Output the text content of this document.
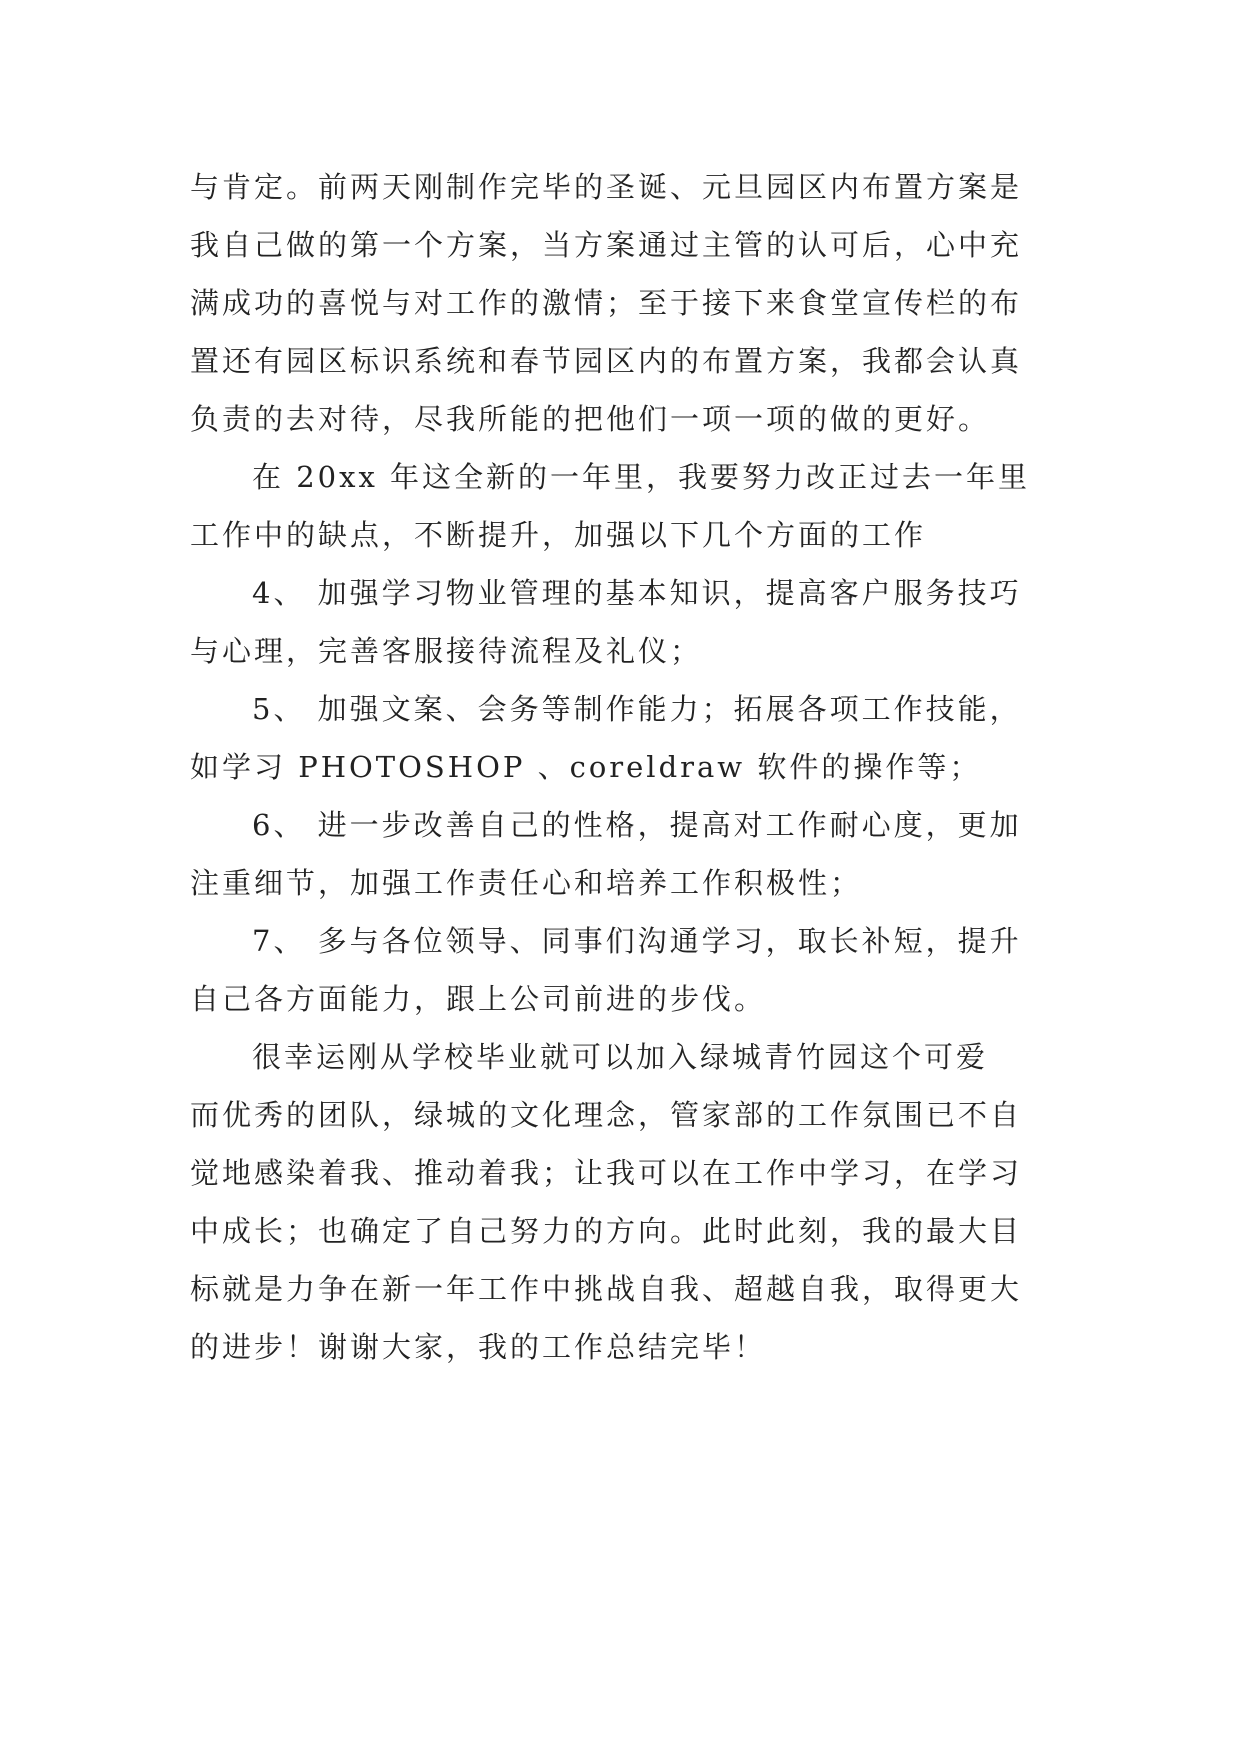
与肯定。前两天刚制作完毕的圣诞、元旦园区内布置方案是
我自己做的第一个方案，当方案通过主管的认可后，心中充
满成功的喜悦与对工作的激情；至于接下来食堂宣传栏的布
置还有园区标识系统和春节园区内的布置方案，我都会认真
负责的去对待，尽我所能的把他们一项一项的做的更好。
在 20xx 年这全新的一年里，我要努力改正过去一年里
工作中的缺点，不断提升，加强以下几个方面的工作
4、 加强学习物业管理的基本知识，提高客户服务技巧
与心理，完善客服接待流程及礼仪；
5、 加强文案、会务等制作能力；拓展各项工作技能，
如学习 PHOTOSHOP 、coreldraw 软件的操作等；
6、 进一步改善自己的性格，提高对工作耐心度，更加
注重细节，加强工作责任心和培养工作积极性；
7、 多与各位领导、同事们沟通学习，取长补短，提升
自己各方面能力，跟上公司前进的步伐。
很幸运刚从学校毕业就可以加入绿城青竹园这个可爱
而优秀的团队，绿城的文化理念，管家部的工作氛围已不自
觉地感染着我、推动着我；让我可以在工作中学习，在学习
中成长；也确定了自己努力的方向。此时此刻，我的最大目
标就是力争在新一年工作中挑战自我、超越自我，取得更大
的进步！谢谢大家，我的工作总结完毕！
